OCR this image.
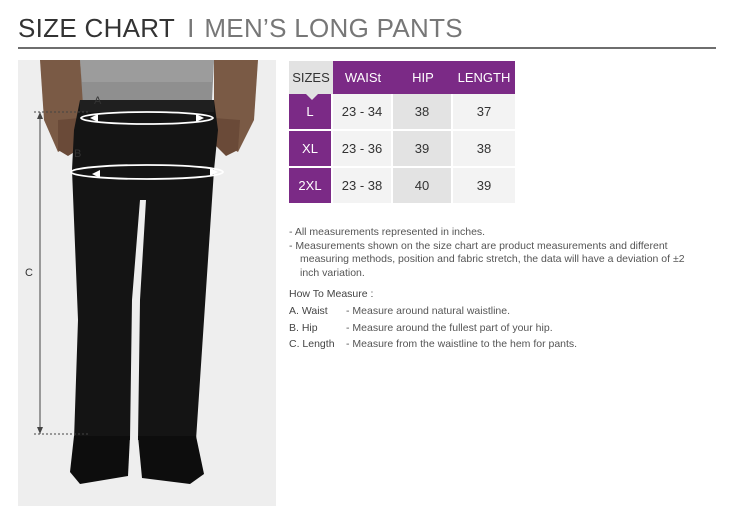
SIZE CHART I MEN’S LONG PANTS
A
B
C
SIZES	WAISt	HIP	LENGTH
L	23 - 34	38	37
XL	23 - 36	39	38
2XL	23 - 38	40	39
- All measurements represented in inches.
- Measurements shown on the size chart are product measurements and different measuring methods, position and fabric stretch, the data will have a deviation of ±2 inch variation.
How To Measure :
A. Waist	- Measure around natural waistline.
B. Hip	- Measure around the fullest part of your hip.
C. Length	- Measure from the waistline to the hem for pants.
